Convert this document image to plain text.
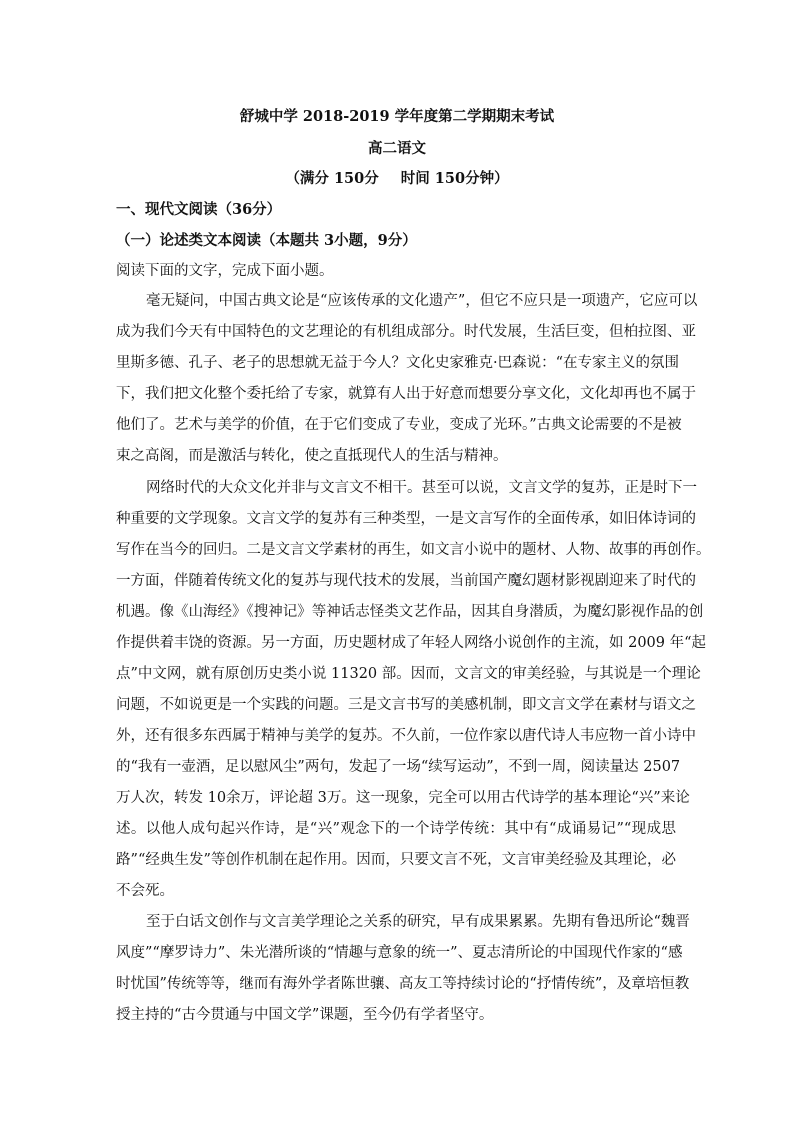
舒城中学 2018-2019 学年度第二学期期末考试
高二语文
（满分 150分 时间 150分钟）
一、现代文阅读（36分）
（一）论述类文本阅读（本题共 3小题，9分）
阅读下面的文字，完成下面小题。
毫无疑问，中国古典文论是“应该传承的文化遗产”，但它不应只是一项遗产，它应可以
成为我们今天有中国特色的文艺理论的有机组成部分。时代发展，生活巨变，但柏拉图、亚
里斯多德、孔子、老子的思想就无益于今人？文化史家雅克·巴森说：“在专家主义的氛围
下，我们把文化整个委托给了专家，就算有人出于好意而想要分享文化，文化却再也不属于
他们了。艺术与美学的价值，在于它们变成了专业，变成了光环。”古典文论需要的不是被
束之高阁，而是激活与转化，使之直抵现代人的生活与精神。
网络时代的大众文化并非与文言文不相干。甚至可以说，文言文学的复苏，正是时下一
种重要的文学现象。文言文学的复苏有三种类型，一是文言写作的全面传承，如旧体诗词的
写作在当今的回归。二是文言文学素材的再生，如文言小说中的题材、人物、故事的再创作。
一方面，伴随着传统文化的复苏与现代技术的发展，当前国产魔幻题材影视剧迎来了时代的
机遇。像《山海经》《搜神记》等神话志怪类文艺作品，因其自身潜质，为魔幻影视作品的创
作提供着丰饶的资源。另一方面，历史题材成了年轻人网络小说创作的主流，如 2009 年“起
点”中文网，就有原创历史类小说 11320 部。因而，文言文的审美经验，与其说是一个理论
问题，不如说更是一个实践的问题。三是文言书写的美感机制，即文言文学在素材与语文之
外，还有很多东西属于精神与美学的复苏。不久前，一位作家以唐代诗人韦应物一首小诗中
的“我有一壶酒，足以慰风尘”两句，发起了一场“续写运动”，不到一周，阅读量达 2507
万人次，转发 10余万，评论超 3万。这一现象，完全可以用古代诗学的基本理论“兴”来论
述。以他人成句起兴作诗，是“兴”观念下的一个诗学传统：其中有“成诵易记”“现成思
路”“经典生发”等创作机制在起作用。因而，只要文言不死，文言审美经验及其理论，必
不会死。
至于白话文创作与文言美学理论之关系的研究，早有成果累累。先期有鲁迅所论“魏晋
风度”“摩罗诗力”、朱光潜所谈的“情趣与意象的统一”、夏志清所论的中国现代作家的“感
时忧国”传统等等，继而有海外学者陈世骧、高友工等持续讨论的“抒情传统”，及章培恒教
授主持的“古今贯通与中国文学”课题，至今仍有学者坚守。
